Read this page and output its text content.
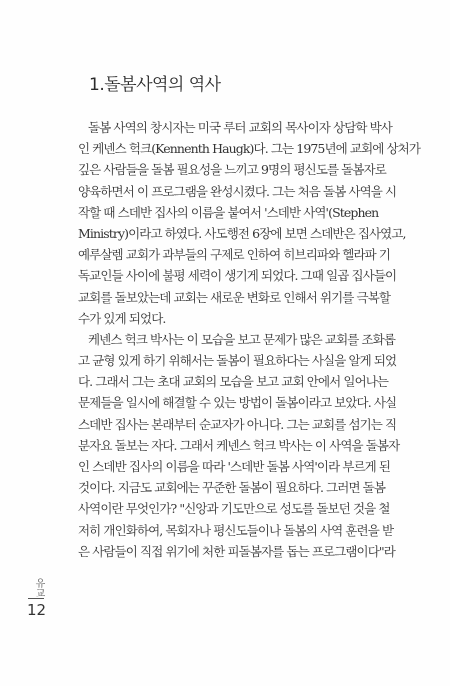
1.돌봄사역의 역사
돌봄 사역의 창시자는 미국 루터 교회의 목사이자 상담학 박사
인 케넨스 헉크(Kennenth Haugk)다. 그는 1975년에 교회에 상처가
깊은 사람들을 돌봄 필요성을 느끼고 9명의 평신도를 돌봄자로
양육하면서 이 프로그램을 완성시켰다. 그는 처음 돌봄 사역을 시
작할 때 스데반 집사의 이름을 붙여서 '스데반 사역'(Stephen
Ministry)이라고 하였다. 사도행전 6장에 보면 스데반은 집사였고,
예루살렘 교회가 과부들의 구제로 인하여 히브리파와 헬라파 기
독교인들 사이에 불평 세력이 생기게 되었다. 그때 일곱 집사들이
교회를 돌보았는데 교회는 새로운 변화로 인해서 위기를 극복할
수가 있게 되었다.
케넨스 헉크 박사는 이 모습을 보고 문제가 많은 교회를 조화롭
고 균형 있게 하기 위해서는 돌봄이 필요하다는 사실을 알게 되었
다. 그래서 그는 초대 교회의 모습을 보고 교회 안에서 일어나는
문제들을 일시에 해결할 수 있는 방법이 돌봄이라고 보았다. 사실
스데반 집사는 본래부터 순교자가 아니다. 그는 교회를 섬기는 직
분자요 돌보는 자다. 그래서 케넨스 헉크 박사는 이 사역을 돌봄자
인 스데반 집사의 이름을 따라 '스데반 돌봄 사역'이라 부르게 된
것이다. 지금도 교회에는 꾸준한 돌봄이 필요하다. 그러면 돌봄
사역이란 무엇인가? "신앙과 기도만으로 성도를 돌보던 것을 철
저히 개인화하여, 목회자나 평신도들이나 돌봄의 사역 훈련을 받
은 사람들이 직접 위기에 처한 피돌봄자를 돕는 프로그램이다"라
유교
12
